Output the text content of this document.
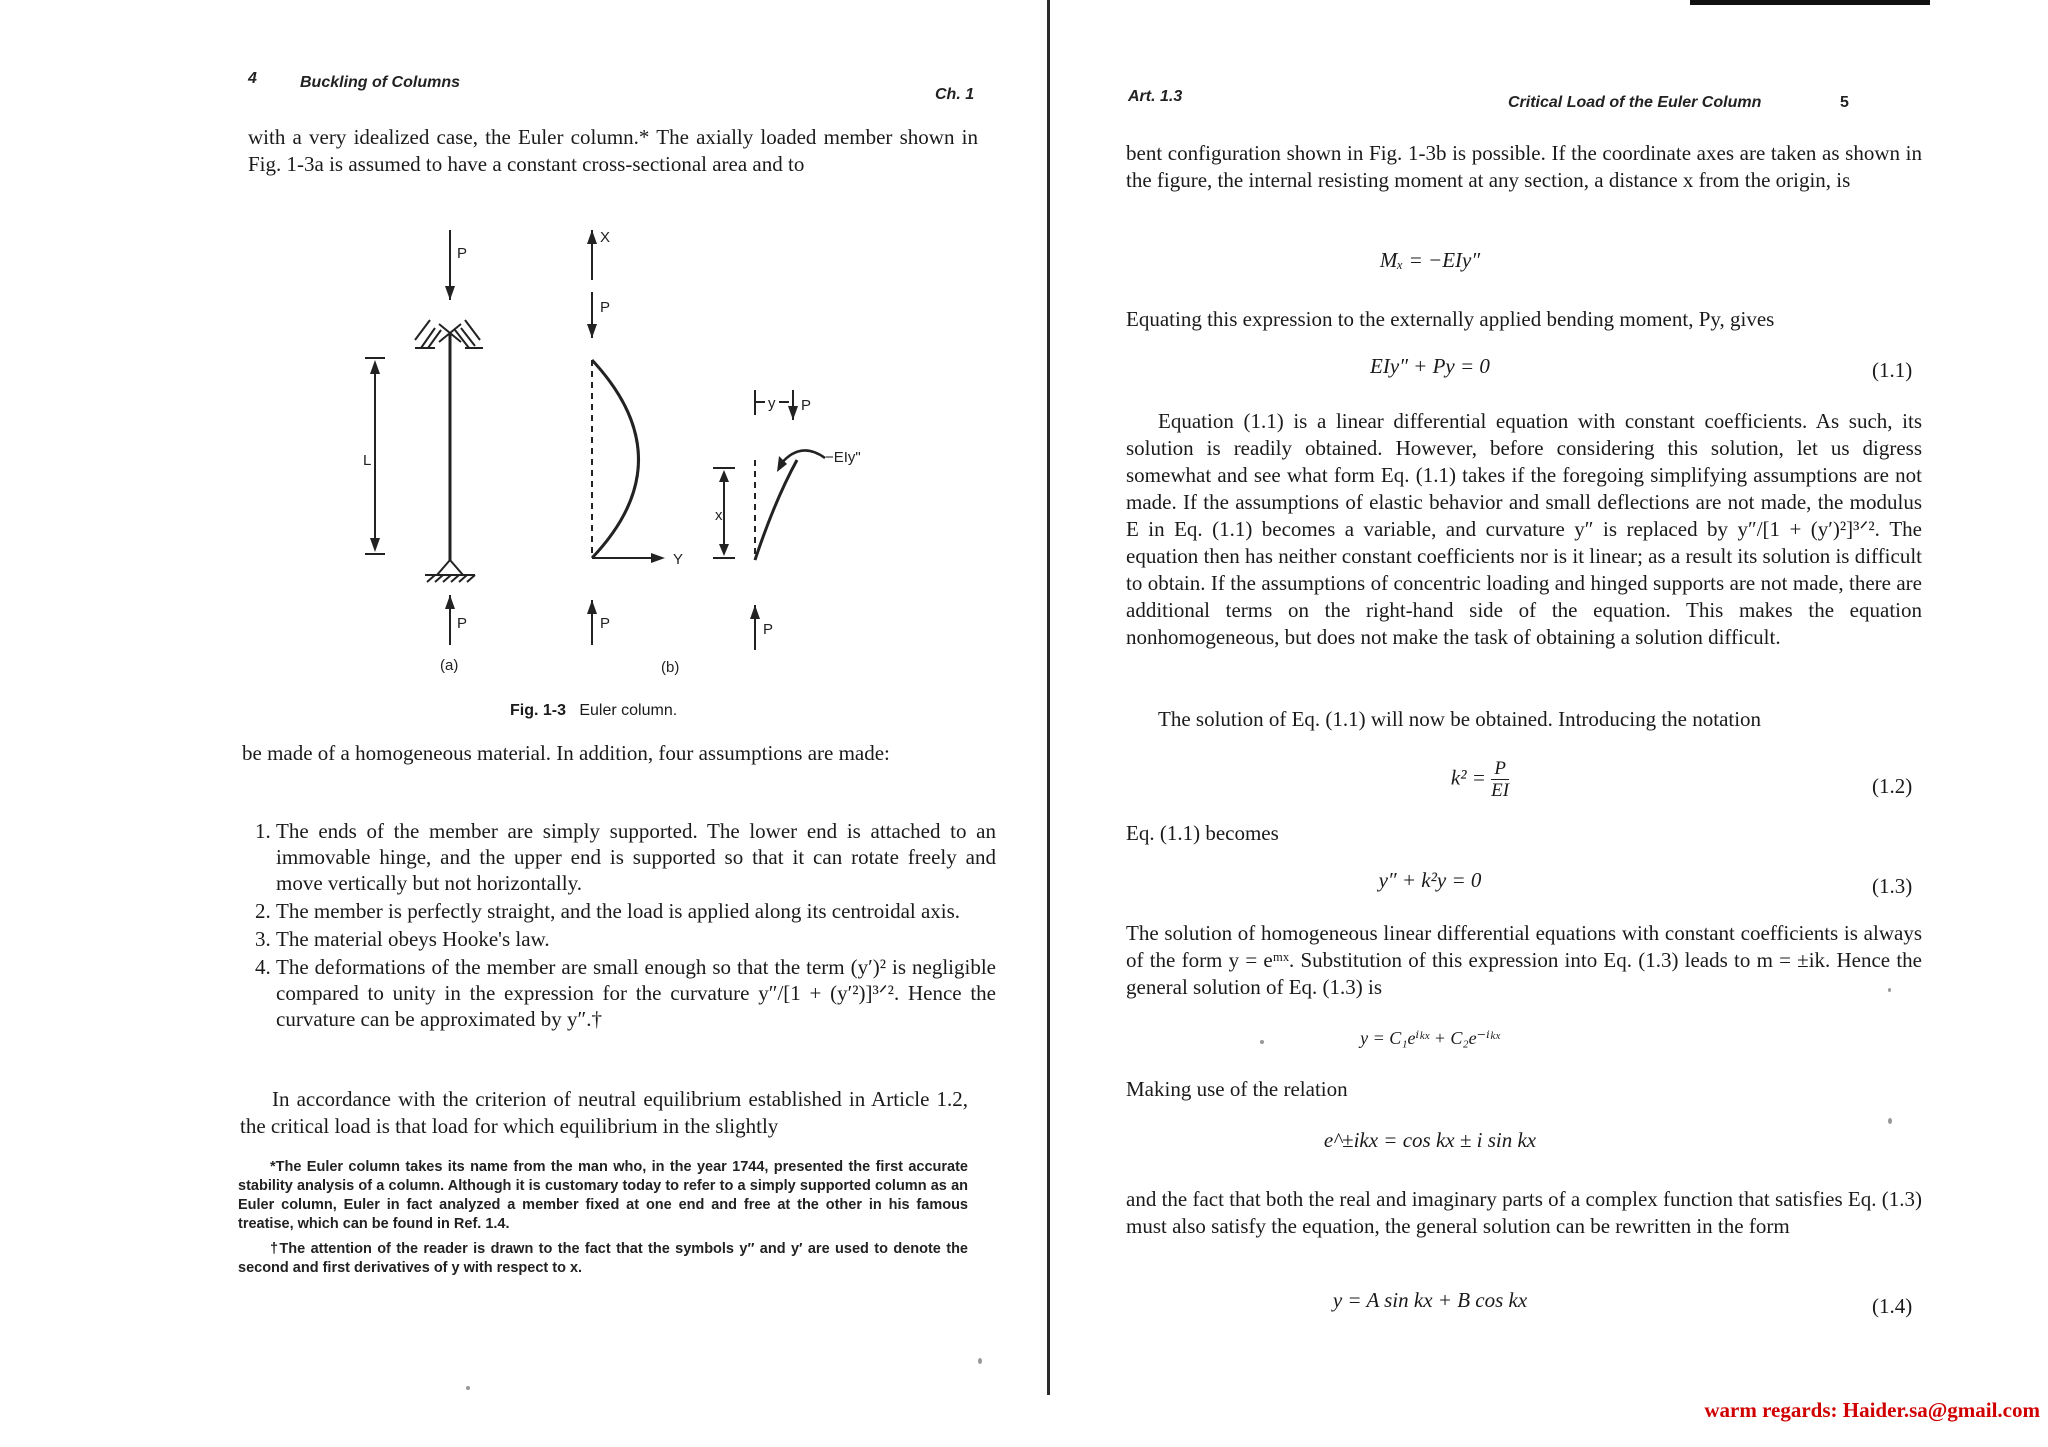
4	Buckling of Columns
Ch. 1
with a very idealized case, the Euler column.* The axially loaded member shown in Fig. 1-3a is assumed to have a constant cross-sectional area and to
P
L
P
(a)
X
P
Y
P
(b)
y P
−EIy"
x
P
Fig. 1-3 Euler column.
be made of a homogeneous material. In addition, four assumptions are made:
1. The ends of the member are simply supported. The lower end is attached to an immovable hinge, and the upper end is supported so that it can rotate freely and move vertically but not horizontally.
2. The member is perfectly straight, and the load is applied along its centroidal axis.
3. The material obeys Hooke's law.
4. The deformations of the member are small enough so that the term (y′)² is negligible compared to unity in the expression for the curvature y″/[1 + (y′²)]³ᐟ². Hence the curvature can be approximated by y″.†
In accordance with the criterion of neutral equilibrium established in Article 1.2, the critical load is that load for which equilibrium in the slightly
*The Euler column takes its name from the man who, in the year 1744, presented the first accurate stability analysis of a column. Although it is customary today to refer to a simply supported column as an Euler column, Euler in fact analyzed a member fixed at one end and free at the other in his famous treatise, which can be found in Ref. 1.4.
†The attention of the reader is drawn to the fact that the symbols y″ and y′ are used to denote the second and first derivatives of y with respect to x.
Art. 1.3	Critical Load of the Euler Column	5
bent configuration shown in Fig. 1-3b is possible. If the coordinate axes are taken as shown in the figure, the internal resisting moment at any section, a distance x from the origin, is
Mₓ = −EIy″
Equating this expression to the externally applied bending moment, Py, gives
EIy″ + Py = 0	(1.1)
Equation (1.1) is a linear differential equation with constant coefficients. As such, its solution is readily obtained. However, before considering this solution, let us digress somewhat and see what form Eq. (1.1) takes if the foregoing simplifying assumptions are not made. If the assumptions of elastic behavior and small deflections are not made, the modulus E in Eq. (1.1) becomes a variable, and curvature y″ is replaced by y″/[1 + (y′)²]³ᐟ². The equation then has neither constant coefficients nor is it linear; as a result its solution is difficult to obtain. If the assumptions of concentric loading and hinged supports are not made, there are additional terms on the right-hand side of the equation. This makes the equation nonhomogeneous, but does not make the task of obtaining a solution difficult.
The solution of Eq. (1.1) will now be obtained. Introducing the notation
$k^2 = \frac{P}{EI}$	(1.2)
Eq. (1.1) becomes
y″ + k²y = 0	(1.3)
The solution of homogeneous linear differential equations with constant coefficients is always of the form y = eᵐˣ. Substitution of this expression into Eq. (1.3) leads to m = ±ik. Hence the general solution of Eq. (1.3) is
y = C₁eⁱᵏˣ + C₂e⁻ⁱᵏˣ
Making use of the relation
e^±ikx = cos kx ± i sin kx
and the fact that both the real and imaginary parts of a complex function that satisfies Eq. (1.3) must also satisfy the equation, the general solution can be rewritten in the form
y = A sin kx + B cos kx	(1.4)
warm regards: Haider.sa@gmail.com
